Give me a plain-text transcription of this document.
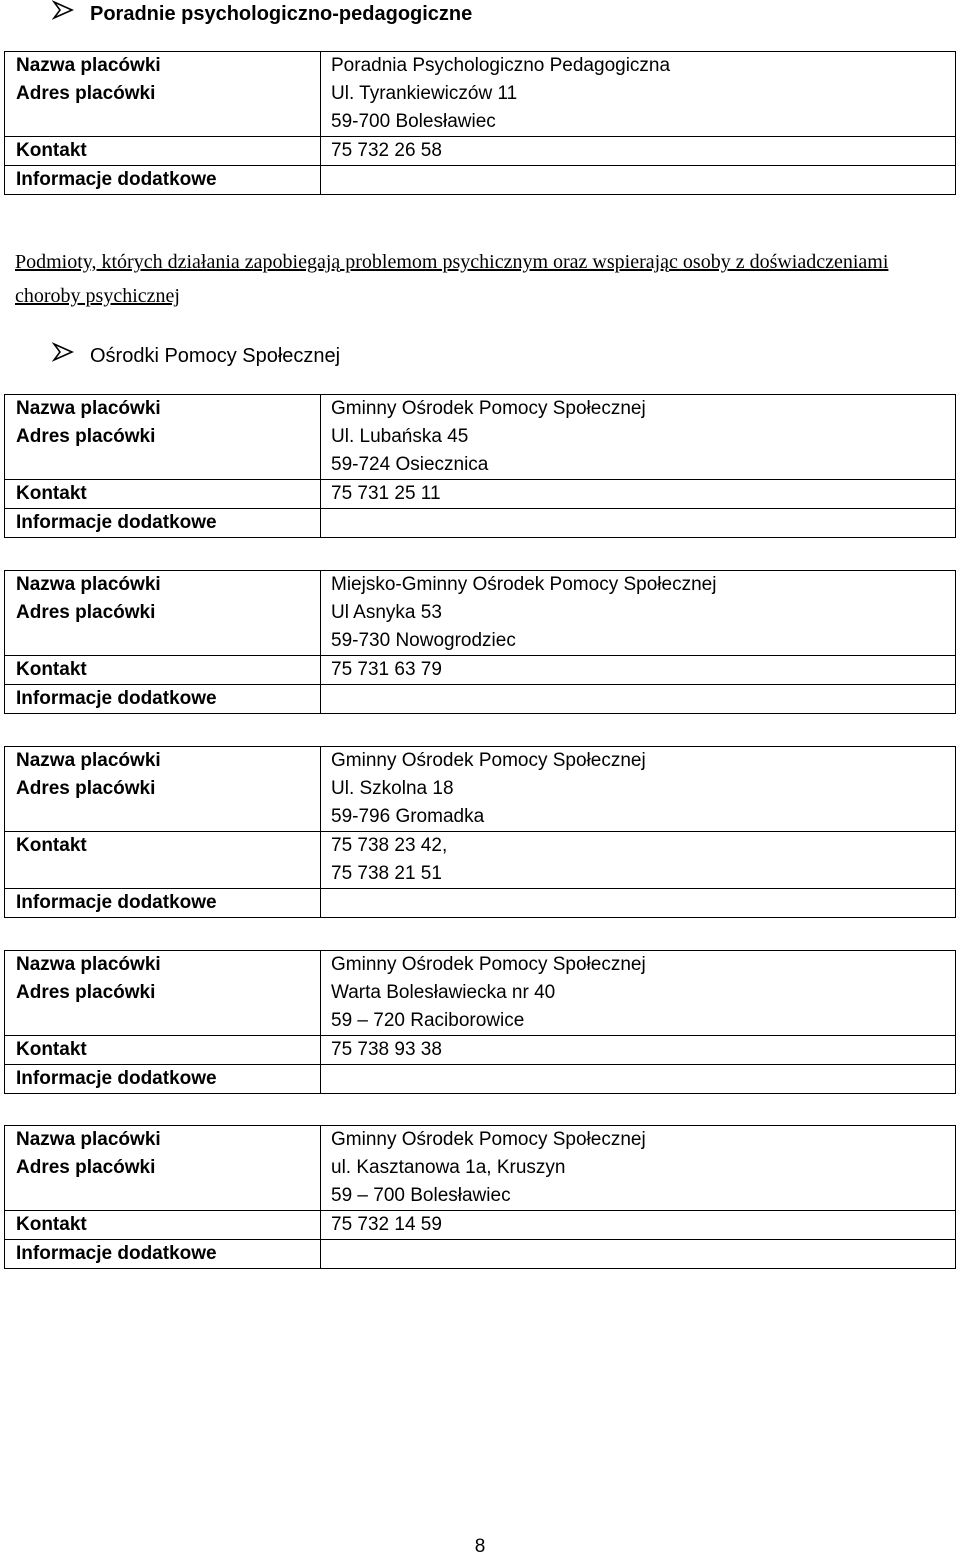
Poradnie psychologiczno-pedagogiczne
Nazwa placówki	Poradnia Psychologiczno Pedagogiczna
Adres placówki	Ul. Tyrankiewiczów 11
59-700 Bolesławiec

Kontakt	75 732 26 58

Informacje dodatkowe	
Podmioty, których działania zapobiegają problemom psychicznym oraz wspierając osoby z doświadczeniami choroby psychicznej
Ośrodki Pomocy Społecznej
Nazwa placówki	Gminny Ośrodek Pomocy Społecznej
Adres placówki	Ul. Lubańska 45
59-724 Osiecznica

Kontakt	75 731 25 11

Informacje dodatkowe	
Nazwa placówki	Miejsko-Gminny Ośrodek Pomocy Społecznej
Adres placówki	Ul Asnyka 53
59-730 Nowogrodziec

Kontakt	75 731 63 79

Informacje dodatkowe	
Nazwa placówki	Gminny Ośrodek Pomocy Społecznej
Adres placówki	Ul. Szkolna 18
59-796 Gromadka

Kontakt	75 738 23 42,
75 738 21 51

Informacje dodatkowe	
Nazwa placówki	Gminny Ośrodek Pomocy Społecznej
Adres placówki	Warta Bolesławiecka nr 40
59 – 720 Raciborowice

Kontakt	75 738 93 38

Informacje dodatkowe	
Nazwa placówki	Gminny Ośrodek Pomocy Społecznej
Adres placówki	ul. Kasztanowa 1a, Kruszyn
59 – 700 Bolesławiec

Kontakt	75 732 14 59

Informacje dodatkowe	
8
